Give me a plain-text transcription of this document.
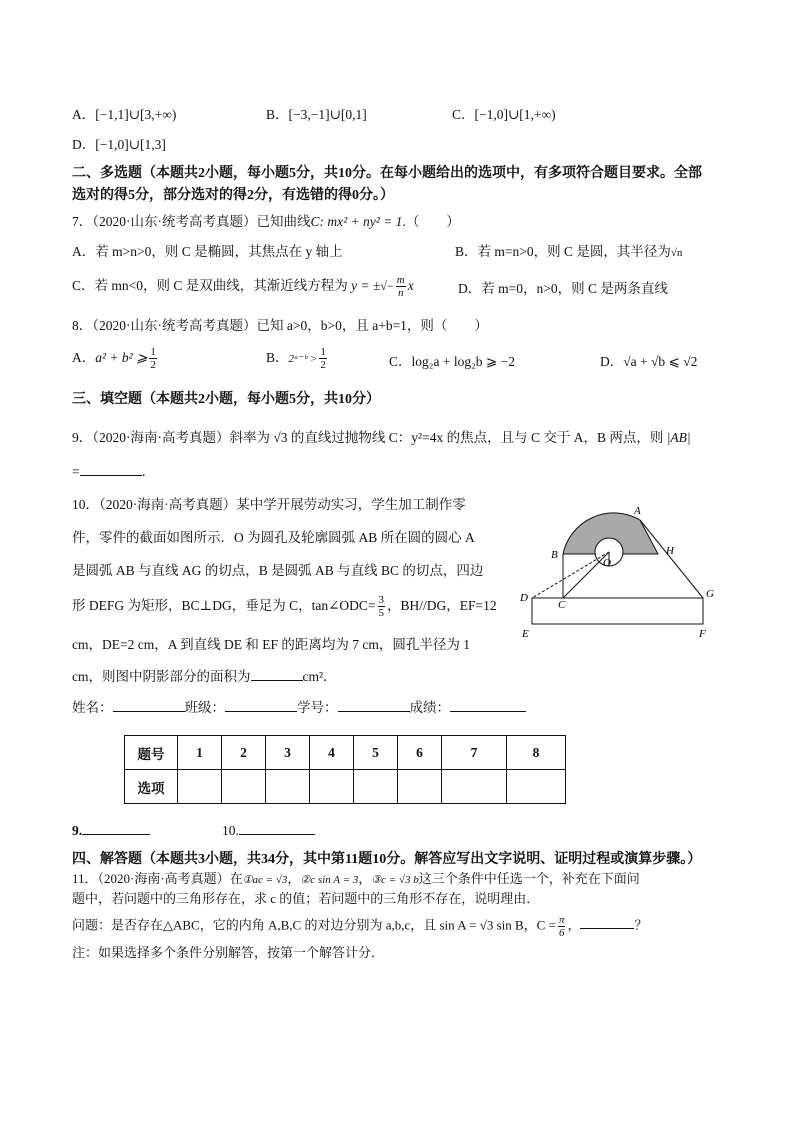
A．[−1,1]∪[3,+∞)	B．[−3,−1]∪[0,1]	C．[−1,0]∪[1,+∞)
D．[−1,0]∪[1,3]
二、多选题（本题共2小题，每小题5分，共10分。在每小题给出的选项中，有多项符合题目要求。全部
选对的得5分，部分选对的得2分，有选错的得0分。）
7．（2020·山东·统考高考真题）已知曲线C: mx² + ny² = 1.（　　）
A．若 m>n>0，则 C 是椭圆，其焦点在 y 轴上	B．若 m=n>0，则 C 是圆，其半径为√n
C．若 mn<0，则 C 是双曲线，其渐近线方程为 y = ±√− $\frac{m}{n}$ x	D．若 m=0，n>0，则 C 是两条直线
8．（2020·山东·统考高考真题）已知 a>0，b>0，且 a+b=1，则（　　）
A．a² + b² ⩾ $\frac{1}{2}$	B．2ᵃ⁻ᵇ > $\frac{1}{2}$	C．log₂a + log₂b ⩾ −2	D．√a + √b ⩽ √2
三、填空题（本题共2小题，每小题5分，共10分）
9．（2020·海南·高考真题）斜率为 √3 的直线过抛物线 C：y²=4x 的焦点，且与 C 交于 A，B 两点，则 |AB|
=	．
10．（2020·海南·高考真题）某中学开展劳动实习，学生加工制作零
件，零件的截面如图所示．O 为圆孔及轮廓圆弧 AB 所在圆的圆心 A
是圆弧 AB 与直线 AG 的切点，B 是圆弧 AB 与直线 BC 的切点，四边
形 DEFG 为矩形，BC⊥DG，垂足为 C，tan∠ODC= $\frac{3}{5}$ ，BH//DG，EF=12
cm，DE=2 cm，A 到直线 DE 和 EF 的距离均为 7 cm，圆孔半径为 1
cm，则图中阴影部分的面积为	cm²．
A
B	H
O
D
C
G
E	F
姓名：	班级：	学号：	成绩：
题号	1	2	3	4	5	6	7	8
选项								
9.	10.
四、解答题（本题共3小题，共34分，其中第11题10分。解答应写出文字说明、证明过程或演算步骤。）
11．（2020·海南·高考真题）在①ac = √3，②c sin A = 3，③c = √3 b这三个条件中任选一个，补充在下面问
题中，若问题中的三角形存在，求 c 的值；若问题中的三角形不存在，说明理由．
问题：是否存在△ABC，它的内角 A,B,C 的对边分别为 a,b,c，且 sin A = √3 sin B，$C = \frac{\pi}{6}$ ，	？
注：如果选择多个条件分别解答，按第一个解答计分．
